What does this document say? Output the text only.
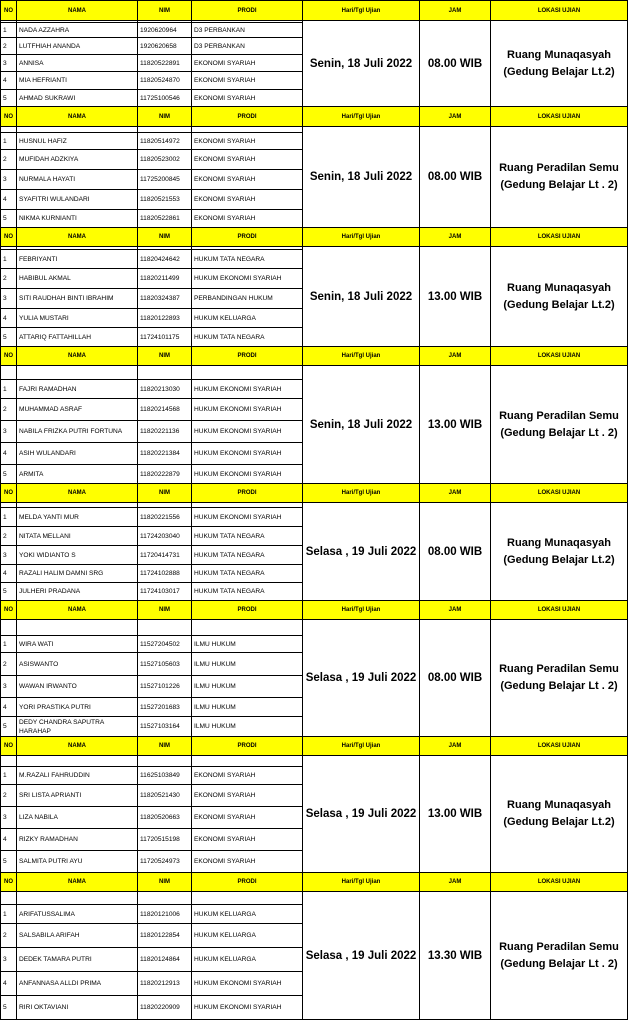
NO	NAMA	NIM	PRODI	Hari/Tgl Ujian	JAM	LOKASI UJIAN
				Senin, 18 Juli 2022	08.00 WIB	Ruang Munaqasyah
(Gedung Belajar Lt.2)

1	NADA AZZAHRA	1920620964	D3 PERBANKAN			
2	LUTFHIAH ANANDA	1920620658	D3 PERBANKAN			
3	ANNISA	11820522891	EKONOMI SYARIAH			
4	MIA HEFRIANTI	11820524870	EKONOMI SYARIAH			
5	AHMAD SUKRAWI	11725100546	EKONOMI SYARIAH			
NO	NAMA	NIM	PRODI	Hari/Tgl Ujian	JAM	LOKASI UJIAN
				Senin, 18 Juli 2022	08.00 WIB	Ruang Peradilan Semu
(Gedung Belajar Lt . 2)

1	HUSNUL HAFIZ	11820514972	EKONOMI SYARIAH			
2	MUFIDAH ADZKIYA	11820523002	EKONOMI SYARIAH			
3	NURMALA HAYATI	11725200845	EKONOMI SYARIAH			
4	SYAFITRI WULANDARI	11820521553	EKONOMI SYARIAH			
5	NIKMA KURNIANTI	11820522861	EKONOMI SYARIAH			
NO	NAMA	NIM	PRODI	Hari/Tgl Ujian	JAM	LOKASI UJIAN
				Senin, 18 Juli 2022	13.00 WIB	Ruang Munaqasyah
(Gedung Belajar Lt.2)

1	FEBRIYANTI	11820424642	HUKUM TATA NEGARA			
2	HABIBUL AKMAL	11820211499	HUKUM EKONOMI SYARIAH			
3	SITI RAUDHAH BINTI IBRAHIM	11820324387	PERBANDINGAN HUKUM			
4	YULIA MUSTARI	11820122893	HUKUM KELUARGA			
5	ATTARIQ FATTAHILLAH	11724101175	HUKUM TATA NEGARA			
NO	NAMA	NIM	PRODI	Hari/Tgl Ujian	JAM	LOKASI UJIAN
				Senin, 18 Juli 2022	13.00 WIB	Ruang Peradilan Semu
(Gedung Belajar Lt . 2)

1	FAJRI RAMADHAN	11820213030	HUKUM EKONOMI SYARIAH			
2	MUHAMMAD ASRAF	11820214568	HUKUM EKONOMI SYARIAH			
3	NABILA FRIZKA PUTRI FORTUNA	11820221136	HUKUM EKONOMI SYARIAH			
4	ASIH WULANDARI	11820221384	HUKUM EKONOMI SYARIAH			
5	ARMITA	11820222879	HUKUM EKONOMI SYARIAH			
NO	NAMA	NIM	PRODI	Hari/Tgl Ujian	JAM	LOKASI UJIAN
				Selasa , 19 Juli 2022	08.00 WIB	Ruang Munaqasyah
(Gedung Belajar Lt.2)

1	MELDA YANTI MUR	11820221556	HUKUM EKONOMI SYARIAH			
2	NITATA MELLANI	11724203040	HUKUM TATA NEGARA			
3	YOKI WIDIANTO S	11720414731	HUKUM TATA NEGARA			
4	RAZALI HALIM DAMNI SRG	11724102888	HUKUM TATA NEGARA			
5	JULHERI PRADANA	11724103017	HUKUM TATA NEGARA			
NO	NAMA	NIM	PRODI	Hari/Tgl Ujian	JAM	LOKASI UJIAN
				Selasa , 19 Juli 2022	08.00 WIB	Ruang Peradilan Semu
(Gedung Belajar Lt . 2)

1	WIRA WATI	11527204502	ILMU HUKUM			
2	ASISWANTO	11527105603	ILMU HUKUM			
3	WAWAN IRWANTO	11527101226	ILMU HUKUM			
4	YORI PRASTIKA PUTRI	11527201683	ILMU HUKUM			
5	DEDY CHANDRA SAPUTRA HARAHAP	11527103164	ILMU HUKUM			
NO	NAMA	NIM	PRODI	Hari/Tgl Ujian	JAM	LOKASI UJIAN
				Selasa , 19 Juli 2022	13.00 WIB	Ruang Munaqasyah
(Gedung Belajar Lt.2)

1	M.RAZALI FAHRUDDIN	11625103849	EKONOMI SYARIAH			
2	SRI LISTA APRIANTI	11820521430	EKONOMI SYARIAH			
3	LIZA NABILA	11820520663	EKONOMI SYARIAH			
4	RIZKY RAMADHAN	11720515198	EKONOMI SYARIAH			
5	SALMITA PUTRI AYU	11720524973	EKONOMI SYARIAH			
NO	NAMA	NIM	PRODI	Hari/Tgl Ujian	JAM	LOKASI UJIAN
				Selasa , 19 Juli 2022	13.30 WIB	Ruang Peradilan Semu
(Gedung Belajar Lt . 2)

1	ARIFATUSSALIMA	11820121006	HUKUM KELUARGA			
2	SALSABILA ARIFAH	11820122854	HUKUM KELUARGA			
3	DEDEK TAMARA PUTRI	11820124864	HUKUM KELUARGA			
4	ANFANNASA ALLDI PRIMA	11820212913	HUKUM EKONOMI SYARIAH			
5	RIRI OKTAVIANI	11820220909	HUKUM EKONOMI SYARIAH			
